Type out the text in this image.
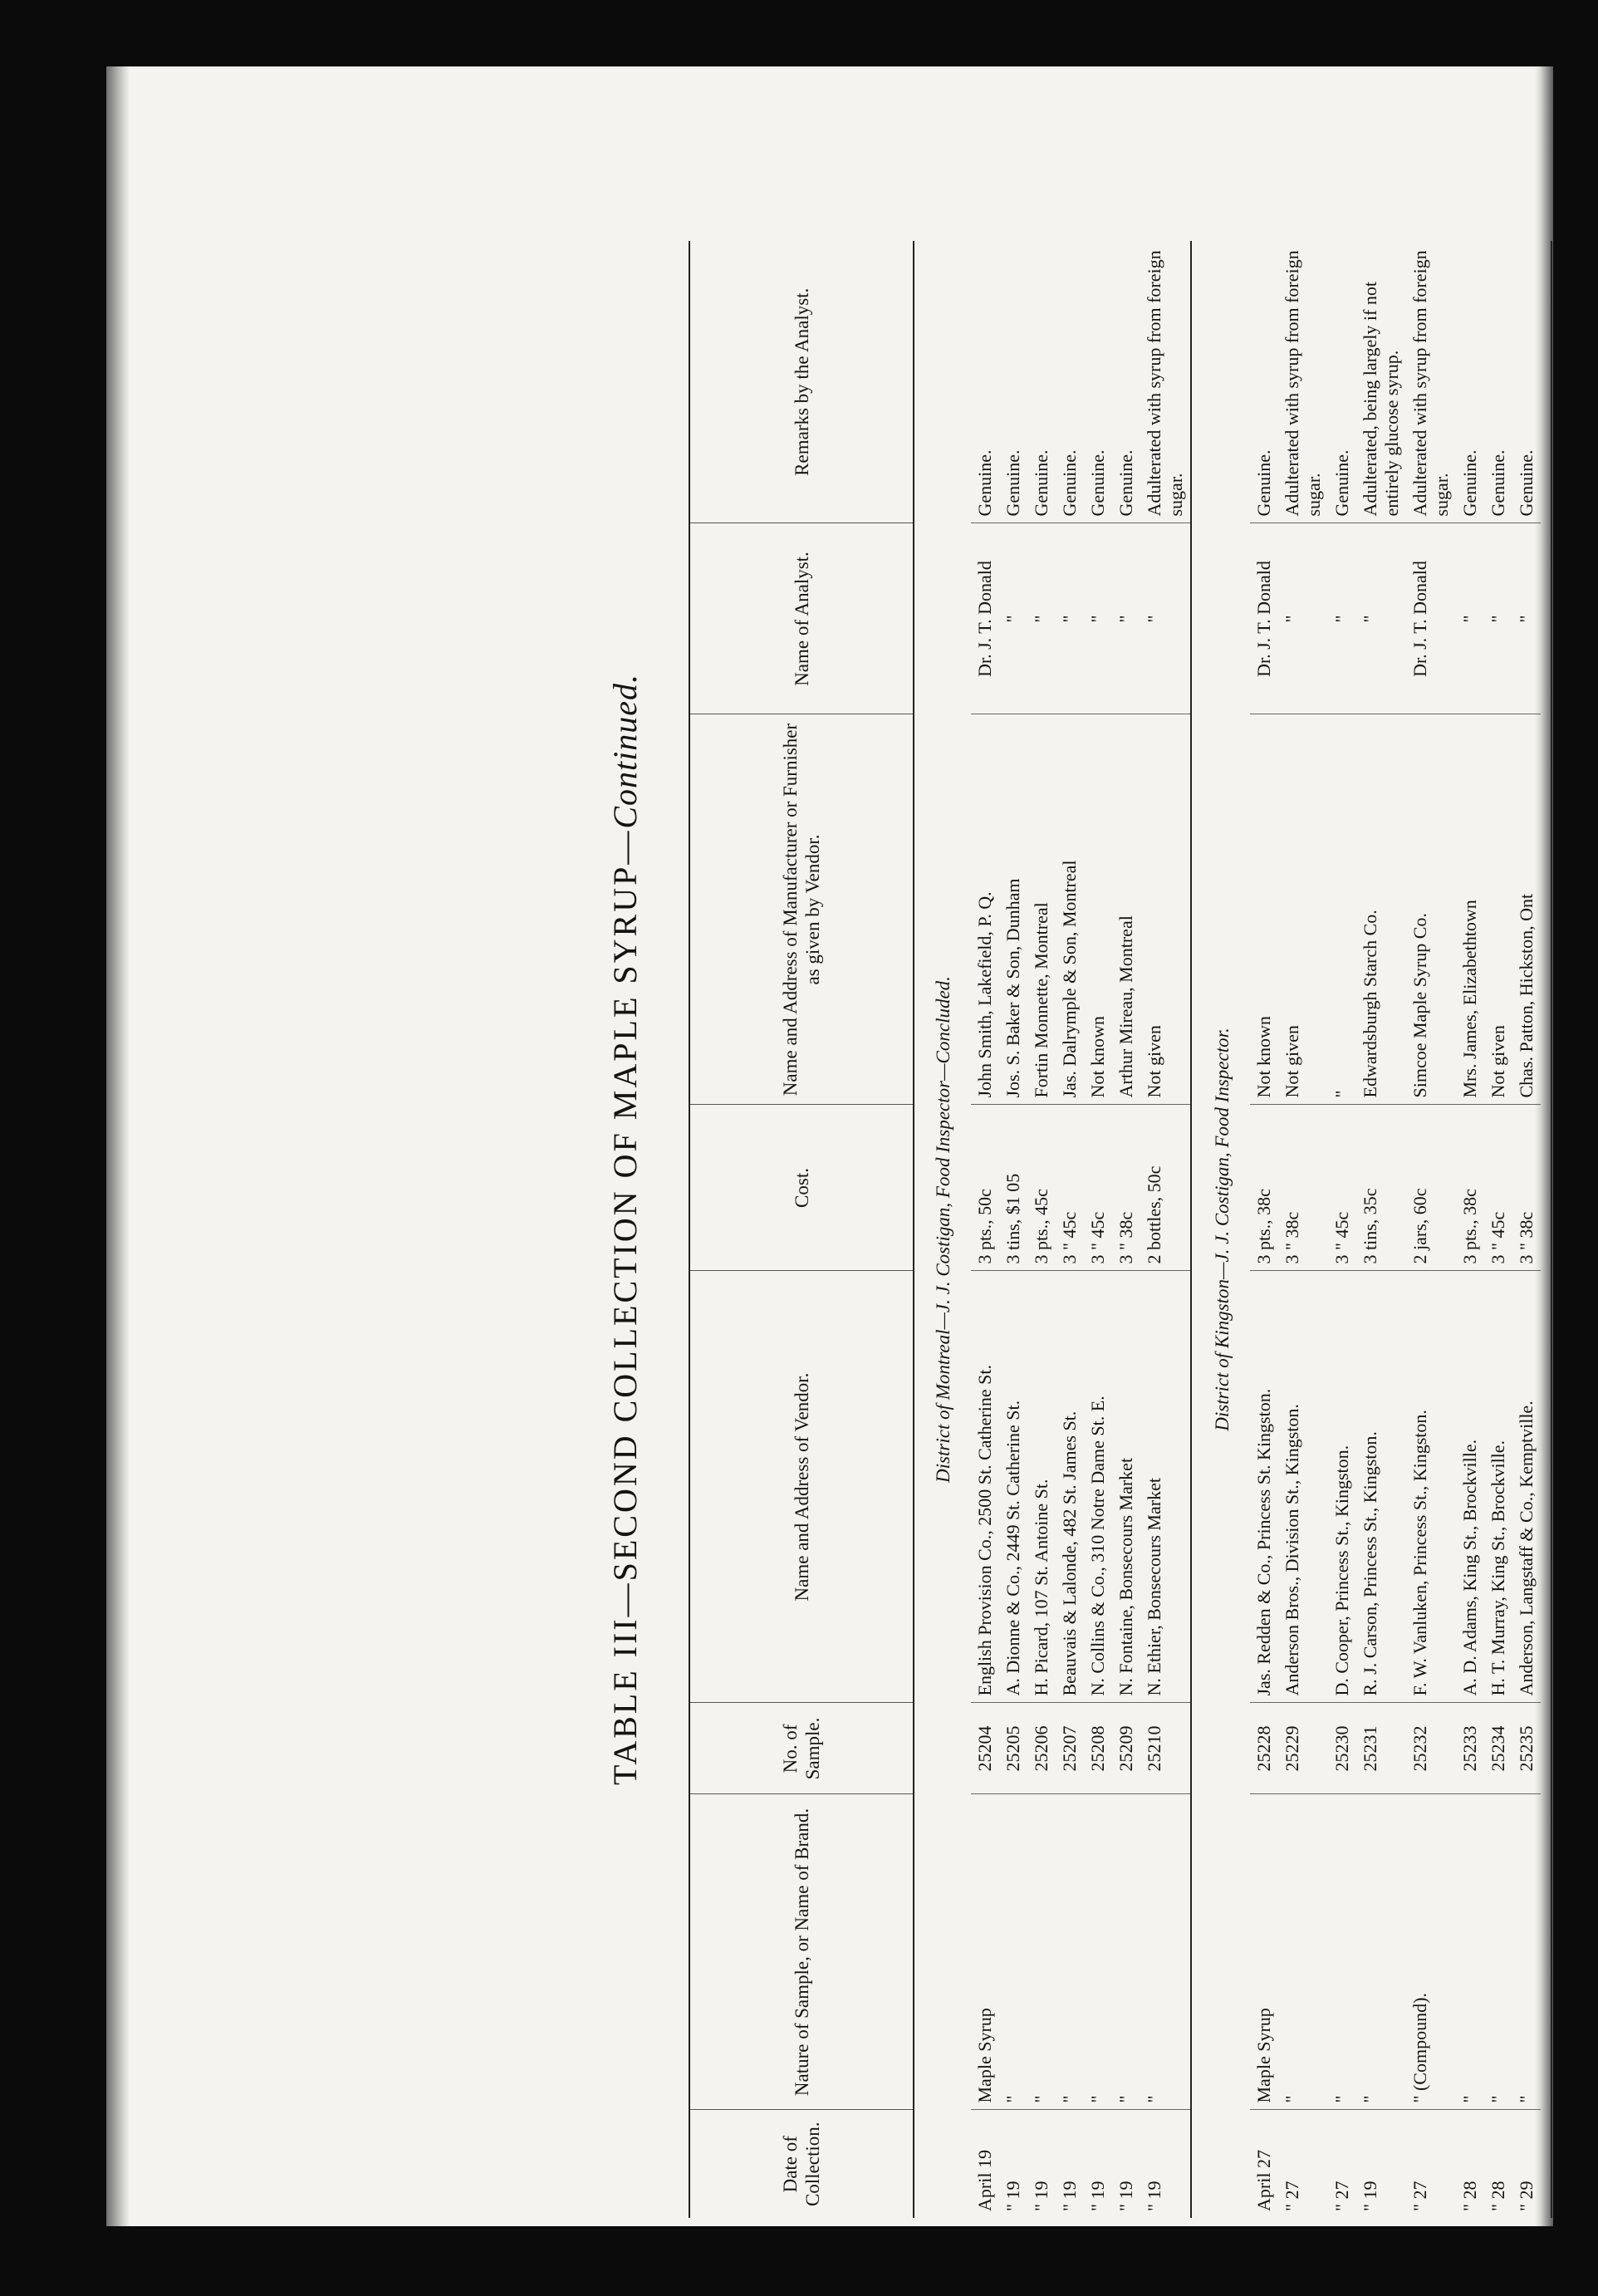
TABLE III—SECOND COLLECTION OF MAPLE SYRUP—Continued.
Date of Collection.	Nature of Sample, or Name of Brand.	No. of Sample.	Name and Address of Vendor.	Cost.	Name and Address of Manufacturer or Furnisher as given by Vendor.	Name of Analyst.	Remarks by the Analyst.
District of Montreal—J. J. Costigan, Food Inspector—Concluded.							
April 19	Maple Syrup	25204	English Provision Co., 2500 St. Catherine St.	3 pts., 50c	John Smith, Lakefield, P. Q.	Dr. J. T. Donald	Genuine.
" 19	"	25205	A. Dionne & Co., 2449 St. Catherine St.	3 tins, $1 05	Jos. S. Baker & Son, Dunham	"	Genuine.
" 19	"	25206	H. Picard, 107 St. Antoine St.	3 pts., 45c	Fortin Monnette, Montreal	"	Genuine.
" 19	"	25207	Beauvais & Lalonde, 482 St. James St.	3 " 45c	Jas. Dalrymple & Son, Montreal	"	Genuine.
" 19	"	25208	N. Collins & Co., 310 Notre Dame St. E.	3 " 45c	Not known	"	Genuine.
" 19	"	25209	N. Fontaine, Bonsecours Market	3 " 38c	Arthur Mireau, Montreal	"	Genuine.
" 19	"	25210	N. Ethier, Bonsecours Market	2 bottles, 50c	Not given	"	Adulterated with syrup from foreign sugar.
District of Kingston—J. J. Costigan, Food Inspector.							
April 27	Maple Syrup	25228	Jas. Redden & Co., Princess St. Kingston.	3 pts., 38c	Not known	Dr. J. T. Donald	Genuine.
" 27	"	25229	Anderson Bros., Division St., Kingston.	3 " 38c	Not given	"	Adulterated with syrup from foreign sugar.
" 27	"	25230	D. Cooper, Princess St., Kingston.	3 " 45c	"	"	Genuine.
" 19	"	25231	R. J. Carson, Princess St., Kingston.	3 tins, 35c	Edwardsburgh Starch Co.	"	Adulterated, being largely if not entirely glucose syrup.
" 27	" (Compound).	25232	F. W. Vanluken, Princess St., Kingston.	2 jars, 60c	Simcoe Maple Syrup Co.	Dr. J. T. Donald	Adulterated with syrup from foreign sugar.
" 28	"	25233	A. D. Adams, King St., Brockville.	3 pts., 38c	Mrs. James, Elizabethtown	"	Genuine.
" 28	"	25234	H. T. Murray, King St., Brockville.	3 " 45c	Not given	"	Genuine.
" 29	"	25235	Anderson, Langstaff & Co., Kemptville.	3 " 38c	Chas. Patton, Hickston, Ont	"	Genuine.
